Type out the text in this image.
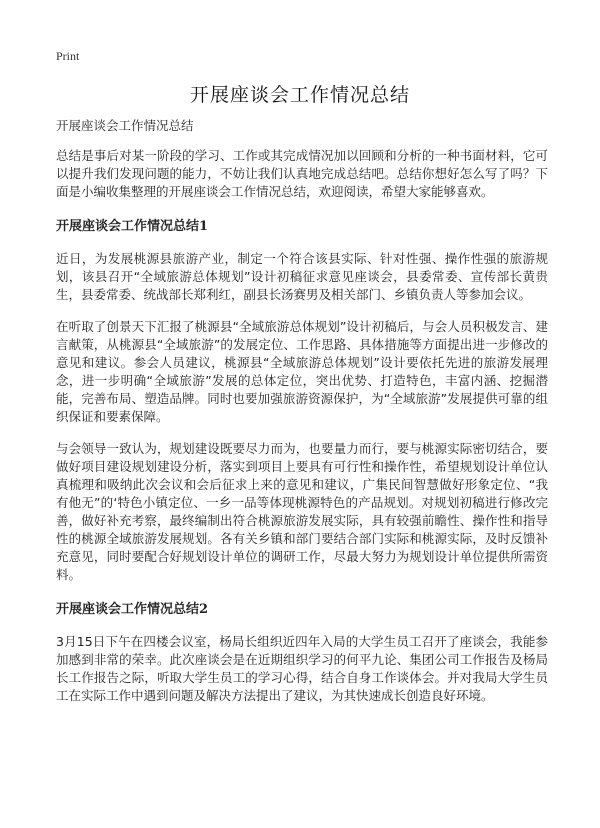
Print
开展座谈会工作情况总结
开展座谈会工作情况总结

总结是事后对某一阶段的学习、工作或其完成情况加以回顾和分析的一种书面材料，它可以提升我们发现问题的能力，不妨让我们认真地完成总结吧。总结你想好怎么写了吗？下面是小编收集整理的开展座谈会工作情况总结，欢迎阅读，希望大家能够喜欢。

开展座谈会工作情况总结1

近日，为发展桃源县旅游产业，制定一个符合该县实际、针对性强、操作性强的旅游规划，该县召开“全域旅游总体规划”设计初稿征求意见座谈会，县委常委、宣传部长黄贵生，县委常委、统战部长郑利红，副县长汤赛男及相关部门、乡镇负责人等参加会议。

在听取了创景天下汇报了桃源县“全域旅游总体规划”设计初稿后，与会人员积极发言、建言献策，从桃源县“全域旅游”的发展定位、工作思路、具体措施等方面提出进一步修改的意见和建议。参会人员建议，桃源县“全域旅游总体规划”设计要依托先进的旅游发展理念，进一步明确“全域旅游”发展的总体定位，突出优势、打造特色，丰富内涵、挖掘潜能，完善布局、塑造品牌。同时也要加强旅游资源保护，为“全域旅游”发展提供可靠的组织保证和要素保障。

与会领导一致认为，规划建设既要尽力而为，也要量力而行，要与桃源实际密切结合，要做好项目建设规划建设分析，落实到项目上要具有可行性和操作性，希望规划设计单位认真梳理和吸纳此次会议和会后征求上来的意见和建议，广集民间智慧做好形象定位、“我有他无”的‘特色小镇定位、一乡一品等体现桃源特色的产品规划。对规划初稿进行修改完善，做好补充考察，最终编制出符合桃源旅游发展实际，具有较强前瞻性、操作性和指导性的桃源全域旅游发展规划。各有关乡镇和部门要结合部门实际和桃源实际，及时反馈补充意见，同时要配合好规划设计单位的调研工作，尽最大努力为规划设计单位提供所需资料。

开展座谈会工作情况总结2

3月15日下午在四楼会议室，杨局长组织近四年入局的大学生员工召开了座谈会，我能参加感到非常的荣幸。此次座谈会是在近期组织学习的何平九论、集团公司工作报告及杨局长工作报告之际，听取大学生员工的学习心得，结合自身工作谈体会。并对我局大学生员工在实际工作中遇到问题及解决方法提出了建议，为其快速成长创造良好环境。
